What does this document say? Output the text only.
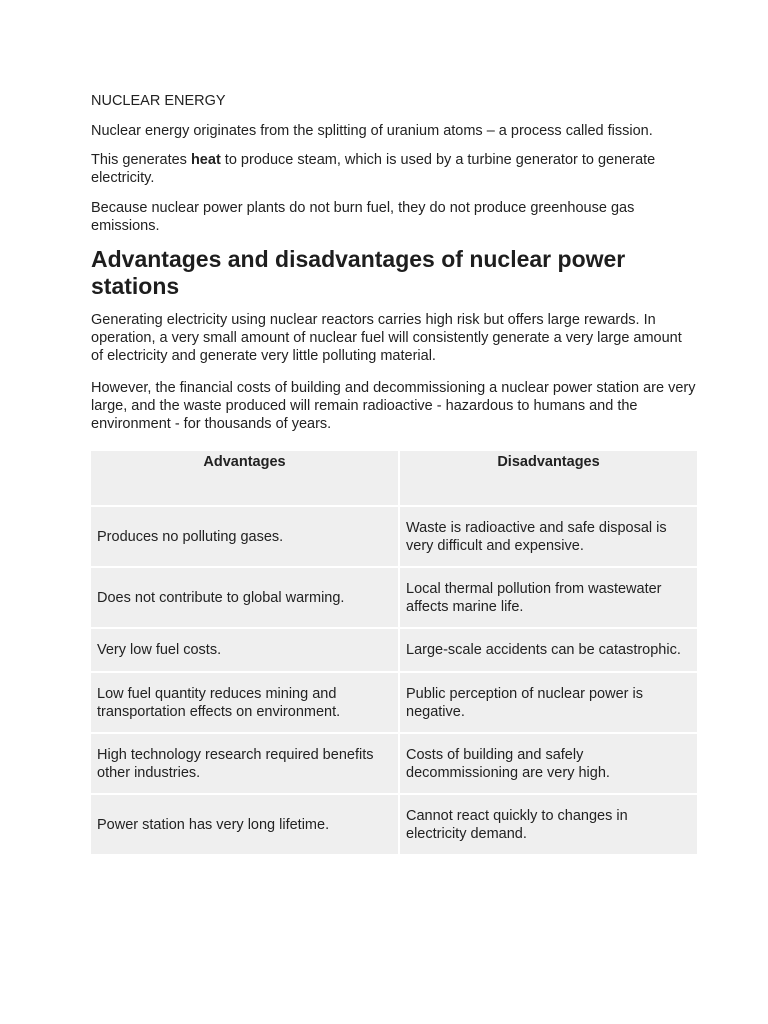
NUCLEAR ENERGY

Nuclear energy originates from the splitting of uranium atoms – a process called fission.

This generates heat to produce steam, which is used by a turbine generator to generate electricity.

Because nuclear power plants do not burn fuel, they do not produce greenhouse gas emissions.

Advantages and disadvantages of nuclear power stations

Generating electricity using nuclear reactors carries high risk but offers large rewards. In operation, a very small amount of nuclear fuel will consistently generate a very large amount of electricity and generate very little polluting material.

However, the financial costs of building and decommissioning a nuclear power station are very large, and the waste produced will remain radioactive - hazardous to humans and the environment - for thousands of years.

Advantages	Disadvantages
Produces no polluting gases.	Waste is radioactive and safe disposal is very difficult and expensive.
Does not contribute to global warming.	Local thermal pollution from wastewater affects marine life.
Very low fuel costs.	Large-scale accidents can be catastrophic.
Low fuel quantity reduces mining and transportation effects on environment.	Public perception of nuclear power is negative.
High technology research required benefits other industries.	Costs of building and safely decommissioning are very high.
Power station has very long lifetime.	Cannot react quickly to changes in electricity demand.
